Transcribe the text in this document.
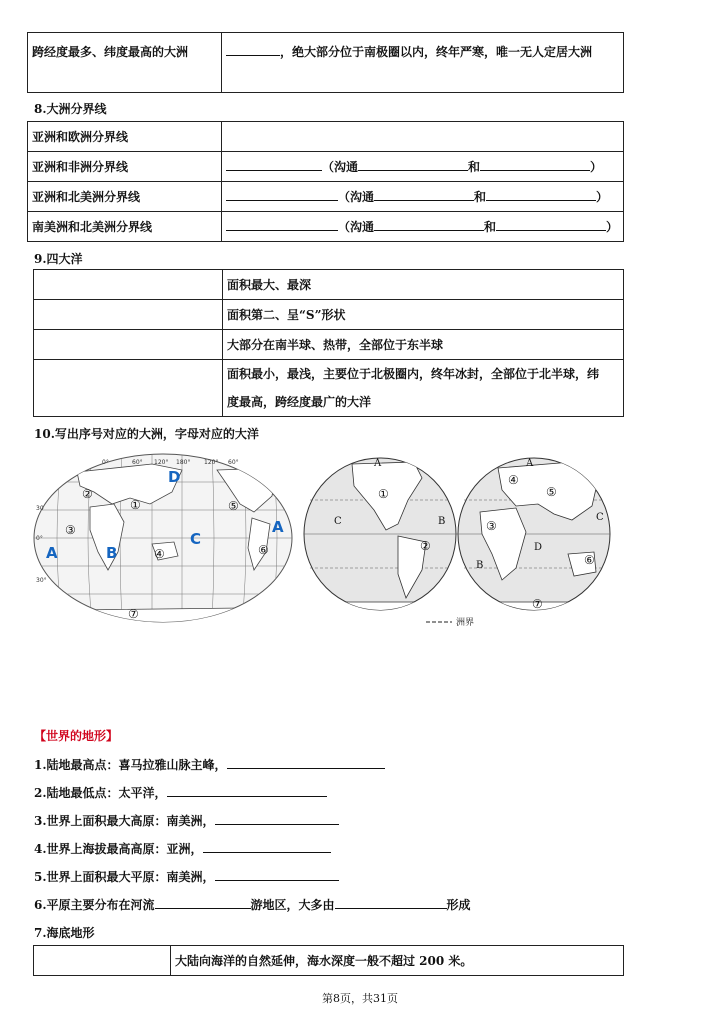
跨经度最多、纬度最高的大洲	，绝大部分位于南极圈以内，终年严寒，唯一无人定居大洲
8.大洲分界线
亚洲和欧洲分界线	
亚洲和非洲分界线	（沟通 和 ）
亚洲和北美洲分界线	（沟通 和 ）
南美洲和北美洲分界线	（沟通 和 ）
9.四大洋
	面积最大、最深
	面积第二、呈“S”形状
	大部分在南半球、热带，全部位于东半球

	面积最小，最浅，主要位于北极圈内，终年冰封，全部位于北半球，纬
度最高，跨经度最广的大洋
10.写出序号对应的大洲，字母对应的大洋
0°	60° 120° 180° 120° 60°
30
0°
30°
D
A	B
C
A
②
①
③
⑤
④	⑥
⑦
A
C	B
A
C
D
B
①
②
④
⑤
③
⑥
⑦
洲界
【世界的地形】
1.陆地最高点：喜马拉雅山脉主峰，
2.陆地最低点：太平洋，
3.世界上面积最大高原：南美洲，
4.世界上海拔最高高原：亚洲，
5.世界上面积最大平原：南美洲，
6.平原主要分布在河流	游地区，大多由	形成
7.海底地形
	大陆向海洋的自然延伸，海水深度一般不超过 200 米。
第8页，共31页
